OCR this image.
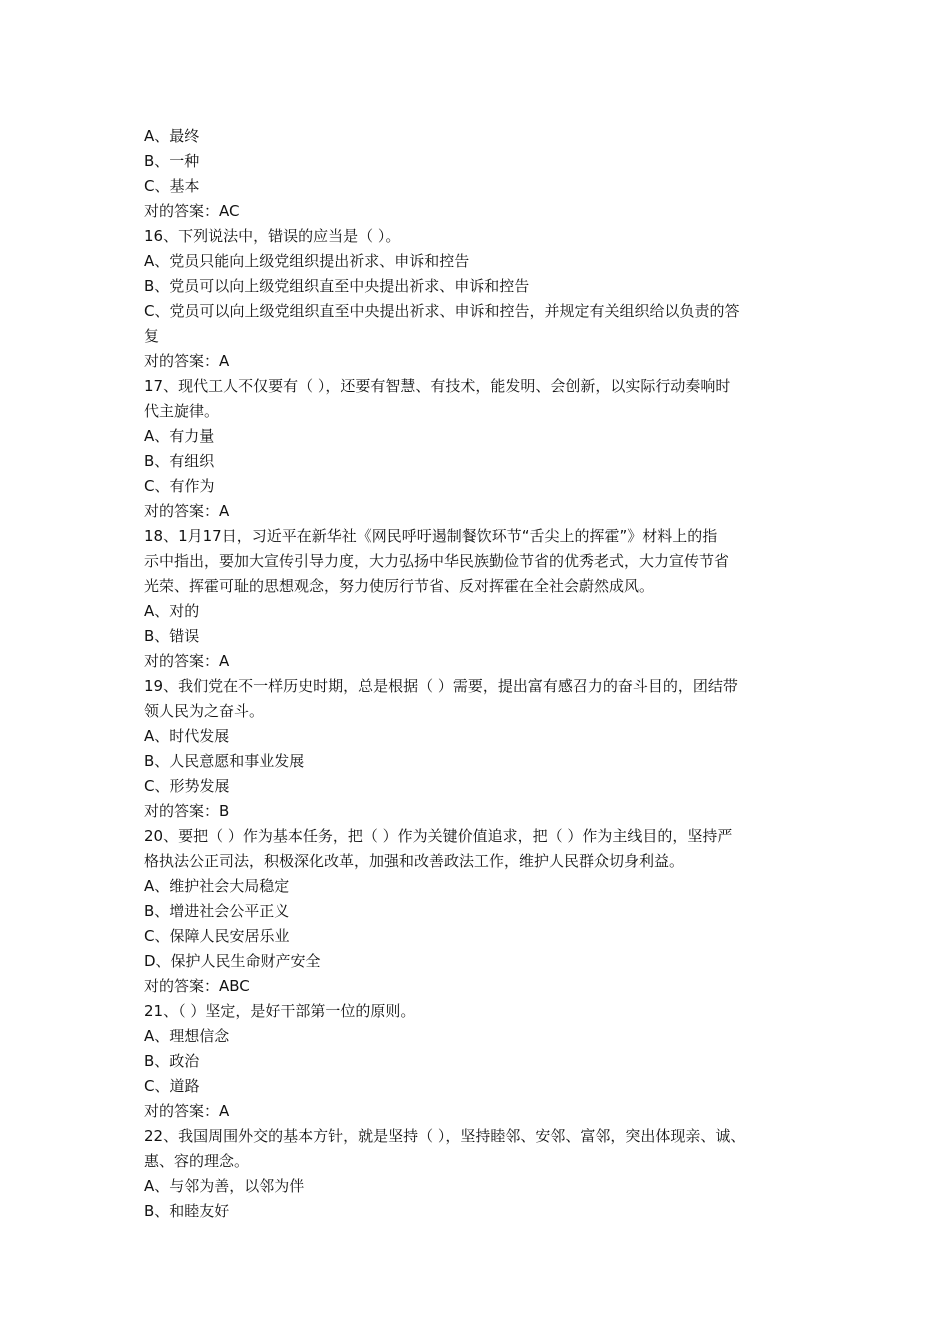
A、最终
B、一种
C、基本
对的答案：AC
16、下列说法中，错误的应当是（ ）。
A、党员只能向上级党组织提出祈求、申诉和控告
B、党员可以向上级党组织直至中央提出祈求、申诉和控告
C、党员可以向上级党组织直至中央提出祈求、申诉和控告，并规定有关组织给以负责的答
复
对的答案：A
17、现代工人不仅要有（ ），还要有智慧、有技术，能发明、会创新，以实际行动奏响时
代主旋律。
A、有力量
B、有组织
C、有作为
对的答案：A
18、1月17日，习近平在新华社《网民呼吁遏制餐饮环节“舌尖上的挥霍”》材料上的指
示中指出，要加大宣传引导力度，大力弘扬中华民族勤俭节省的优秀老式，大力宣传节省
光荣、挥霍可耻的思想观念，努力使厉行节省、反对挥霍在全社会蔚然成风。
A、对的
B、错误
对的答案：A
19、我们党在不一样历史时期，总是根据（ ）需要，提出富有感召力的奋斗目的，团结带
领人民为之奋斗。
A、时代发展
B、人民意愿和事业发展
C、形势发展
对的答案：B
20、要把（ ）作为基本任务，把（ ）作为关键价值追求，把（ ）作为主线目的，坚持严
格执法公正司法，积极深化改革，加强和改善政法工作，维护人民群众切身利益。
A、维护社会大局稳定
B、增进社会公平正义
C、保障人民安居乐业
D、保护人民生命财产安全
对的答案：ABC
21、（ ）坚定，是好干部第一位的原则。
A、理想信念
B、政治
C、道路
对的答案：A
22、我国周围外交的基本方针，就是坚持（ ），坚持睦邻、安邻、富邻，突出体现亲、诚、
惠、容的理念。
A、与邻为善，以邻为伴
B、和睦友好
